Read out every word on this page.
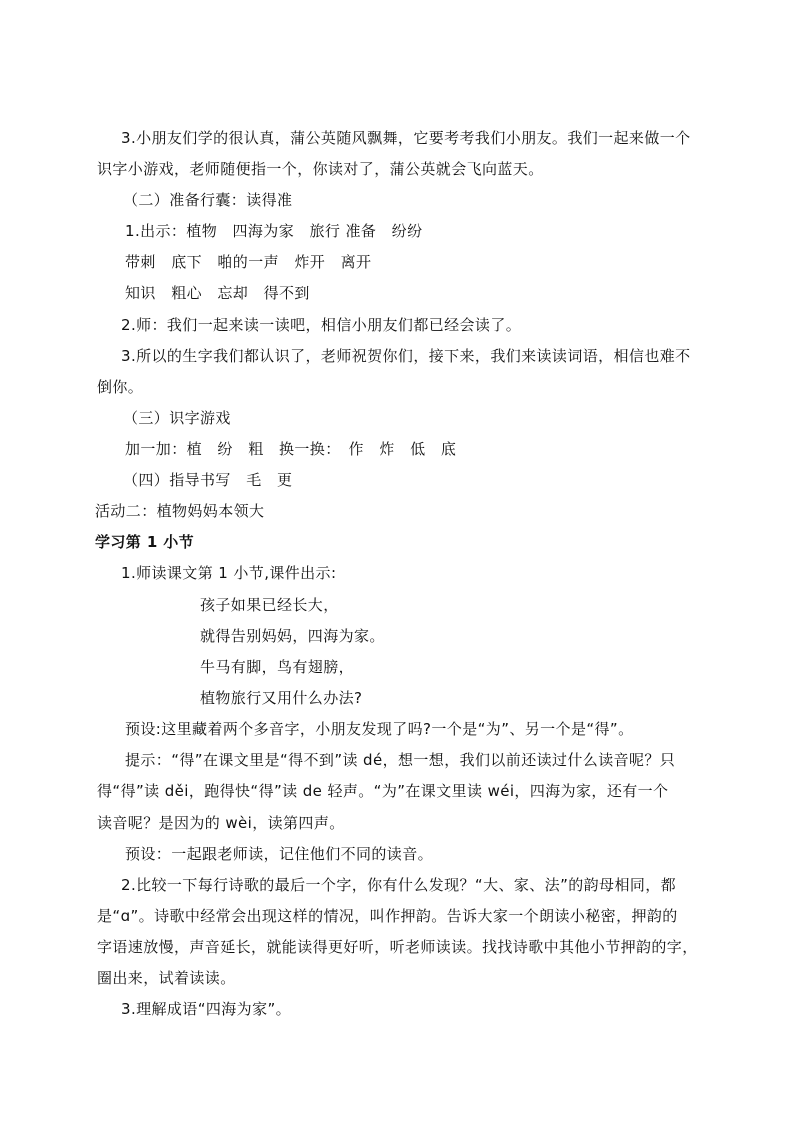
3.小朋友们学的很认真，蒲公英随风飘舞，它要考考我们小朋友。我们一起来做一个
识字小游戏，老师随便指一个，你读对了，蒲公英就会飞向蓝天。
（二）准备行囊：读得准
1.出示：植物　四海为家　旅行 准备　纷纷
带刺　底下　啪的一声　炸开　离开
知识　粗心　忘却　得不到
2.师：我们一起来读一读吧，相信小朋友们都已经会读了。
3.所以的生字我们都认识了，老师祝贺你们，接下来，我们来读读词语，相信也难不
倒你。
（三）识字游戏
加一加：植　纷　粗　换一换：　作　炸　低　底
（四）指导书写　毛　更
活动二：植物妈妈本领大
学习第 1 小节
1.师读课文第 1 小节,课件出示:
孩子如果已经长大，
就得告别妈妈，四海为家。
牛马有脚，鸟有翅膀，
植物旅行又用什么办法?
预设:这里藏着两个多音字，小朋友发现了吗?一个是“为”、另一个是“得”。
提示：“得”在课文里是“得不到”读 dé，想一想，我们以前还读过什么读音呢？只
得“得”读 děi，跑得快“得”读 de 轻声。“为”在课文里读 wéi，四海为家，还有一个
读音呢？是因为的 wèi，读第四声。
预设：一起跟老师读，记住他们不同的读音。
2.比较一下每行诗歌的最后一个字，你有什么发现？“大、家、法”的韵母相同，都
是“ɑ”。诗歌中经常会出现这样的情况，叫作押韵。告诉大家一个朗读小秘密，押韵的
字语速放慢，声音延长，就能读得更好听，听老师读读。找找诗歌中其他小节押韵的字，
圈出来，试着读读。
3.理解成语“四海为家”。
